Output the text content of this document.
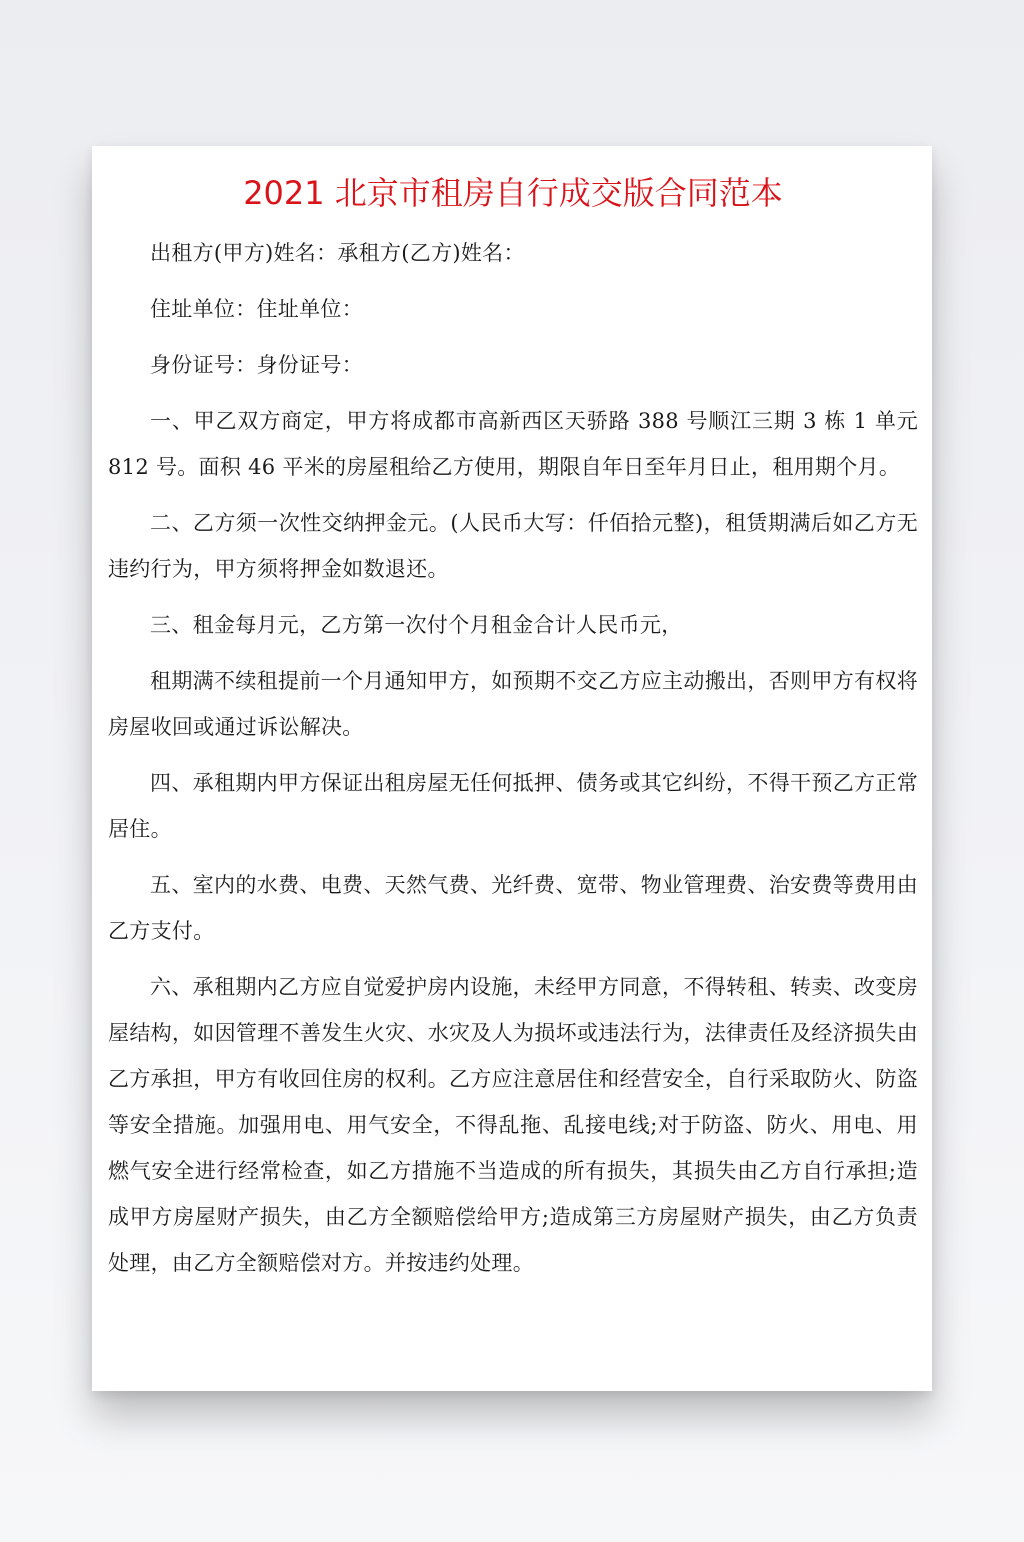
2021 北京市租房自行成交版合同范本

出租方(甲方)姓名：承租方(乙方)姓名：

住址单位：住址单位：

身份证号：身份证号：

一、甲乙双方商定，甲方将成都市高新西区天骄路 388 号顺江三期 3 栋 1 单元 812 号。面积 46 平米的房屋租给乙方使用，期限自年日至年月日止，租用期个月。

二、乙方须一次性交纳押金元。(人民币大写：仟佰拾元整)，租赁期满后如乙方无违约行为，甲方须将押金如数退还。

三、租金每月元，乙方第一次付个月租金合计人民币元，

租期满不续租提前一个月通知甲方，如预期不交乙方应主动搬出，否则甲方有权将房屋收回或通过诉讼解决。

四、承租期内甲方保证出租房屋无任何抵押、债务或其它纠纷，不得干预乙方正常居住。

五、室内的水费、电费、天然气费、光纤费、宽带、物业管理费、治安费等费用由乙方支付。

六、承租期内乙方应自觉爱护房内设施，未经甲方同意，不得转租、转卖、改变房屋结构，如因管理不善发生火灾、水灾及人为损坏或违法行为，法律责任及经济损失由乙方承担，甲方有收回住房的权利。乙方应注意居住和经营安全，自行采取防火、防盗等安全措施。加强用电、用气安全，不得乱拖、乱接电线;对于防盗、防火、用电、用燃气安全进行经常检查，如乙方措施不当造成的所有损失，其损失由乙方自行承担;造成甲方房屋财产损失，由乙方全额赔偿给甲方;造成第三方房屋财产损失，由乙方负责处理，由乙方全额赔偿对方。并按违约处理。
